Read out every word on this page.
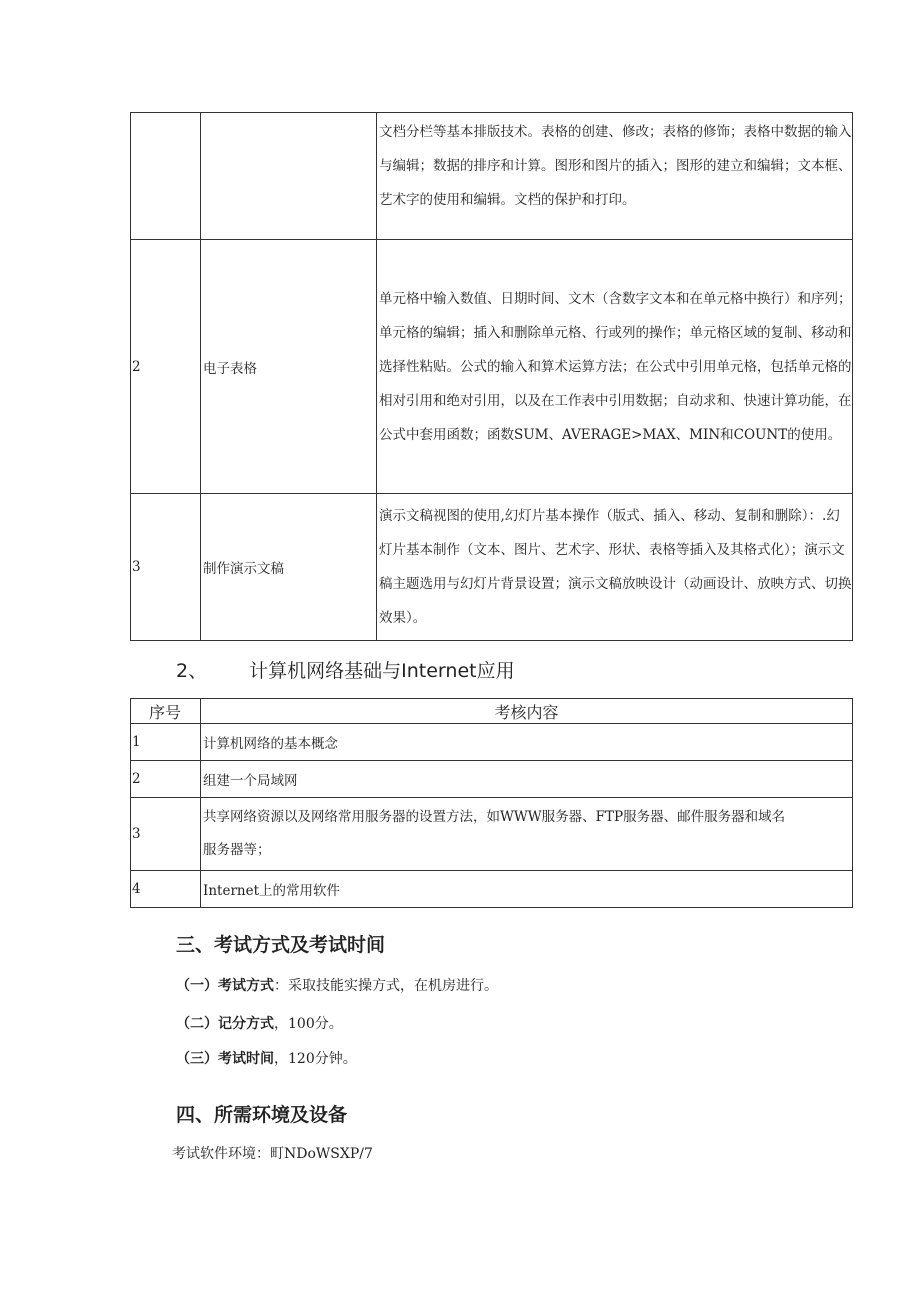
		文档分栏等基本排版技术。表格的创建、修改；表格的修饰；表格中数据的输入与编辑；数据的排序和计算。图形和图片的插入；图形的建立和编辑；文本框、艺术字的使用和编辑。文档的保护和打印。
2	电子表格	单元格中输入数值、日期时间、文木（含数字文本和在单元格中换行）和序列；单元格的编辑；插入和删除单元格、行或列的操作；单元格区域的复制、移动和选择性粘贴。公式的输入和算术运算方法；在公式中引用单元格，包括单元格的相对引用和绝对引用，以及在工作表中引用数据；自动求和、快速计算功能，在公式中套用函数；函数SUM、AVERAGE>MAX、MIN和COUNT的使用。
3	制作演示文稿	演示文稿视图的使用,幻灯片基本操作（版式、插入、移动、复制和删除）：.幻灯片基本制作（文本、图片、艺术字、形状、表格等插入及其格式化）；演示文稿主题选用与幻灯片背景设置；演示文稿放映设计（动画设计、放映方式、切换效果）。
2、 计算机网络基础与Internet应用
序号	考核内容
1	计算机网络的基本概念
2	组建一个局域网
3	共享网络资源以及网络常用服务器的设置方法，如WWW服务器、FTP服务器、邮件服务器和域名服务器等；
4	Internet上的常用软件
三、考试方式及考试时间
（一）考试方式：采取技能实操方式，在机房进行。
（二）记分方式，100分。
（三）考试时间，120分钟。
四、所需环境及设备
考试软件环境：町NDoWSXP/7
